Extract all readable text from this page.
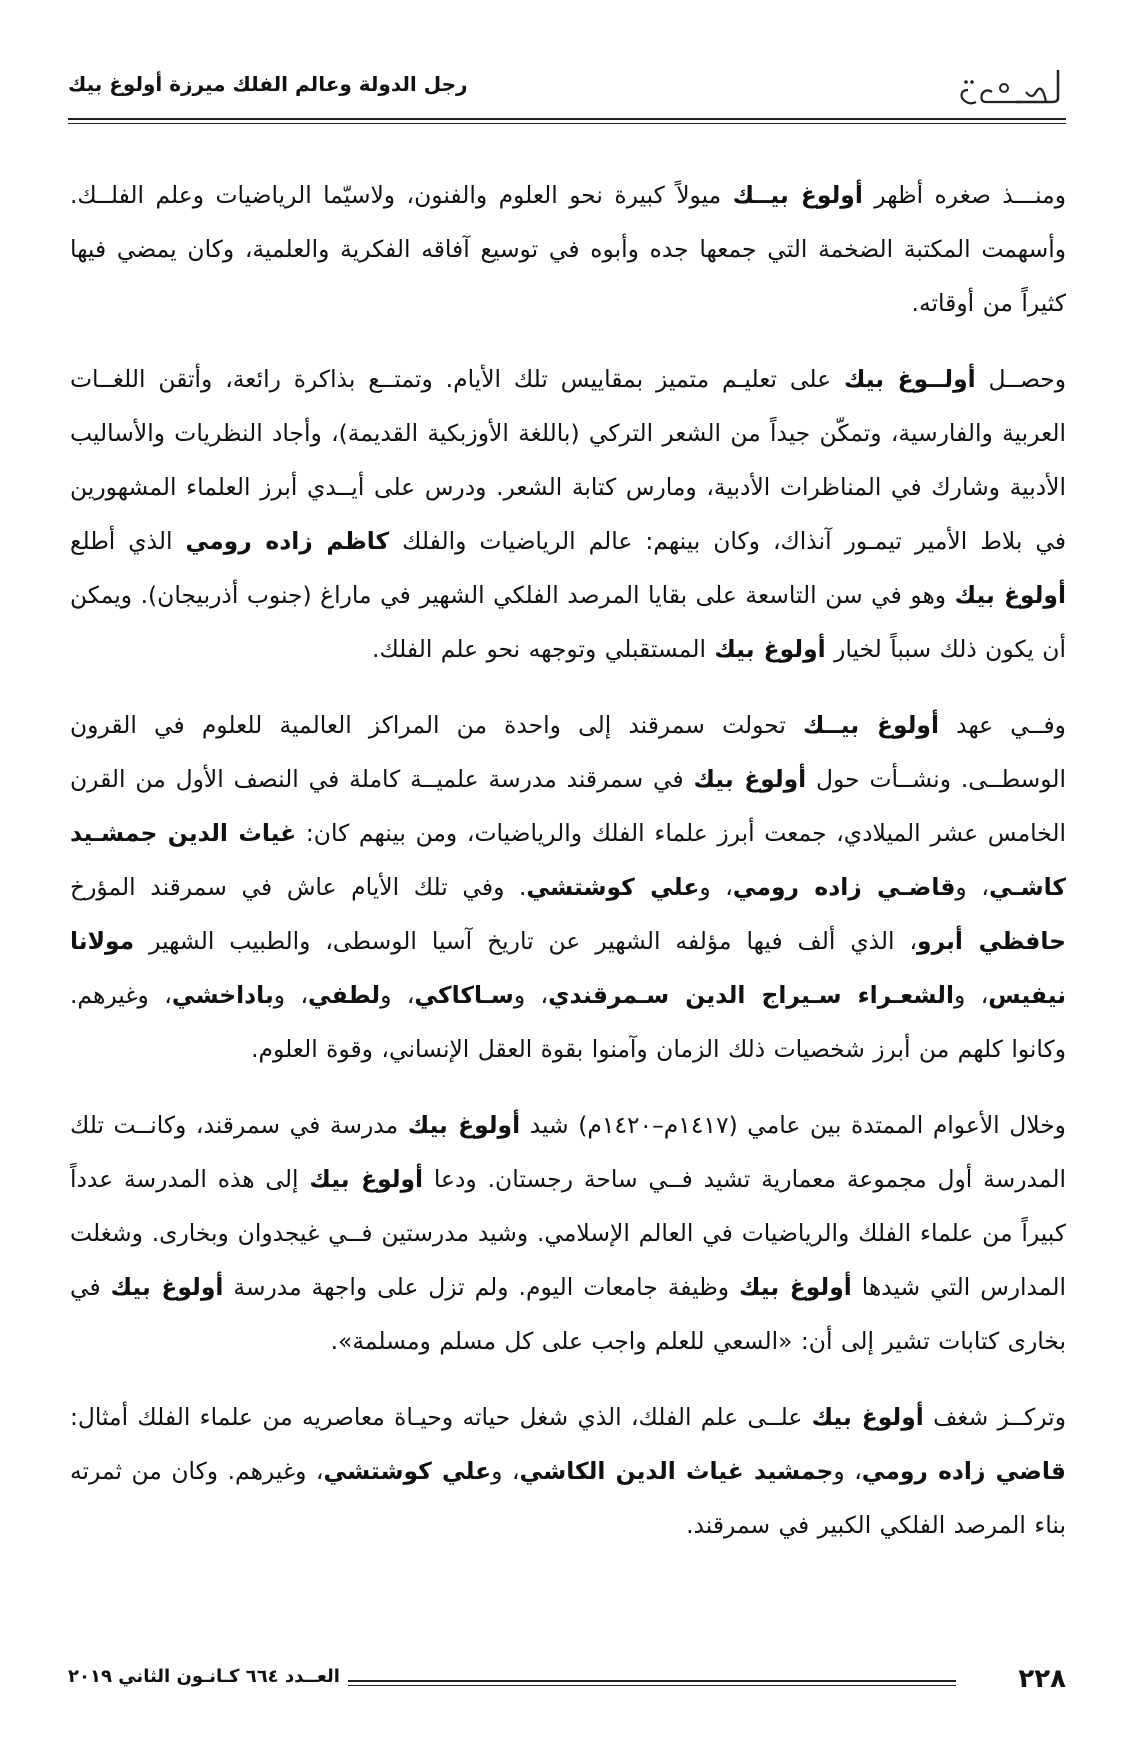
رجل الدولة وعالم الفلك ميرزة أولوغ بيك

ومنـــذ صغره أظهر أولوغ بيــك ميولاً كبيرة نحو العلوم والفنون، ولاسيّما الرياضيات وعلم الفلــك. وأسهمت المكتبة الضخمة التي جمعها جده وأبوه في توسيع آفاقه الفكرية والعلمية، وكان يمضي فيها كثيراً من أوقاته.

وحصــل أولــوغ بيك على تعليـم متميز بمقاييس تلك الأيام. وتمتــع بذاكرة رائعة، وأتقن اللغــات العربية والفارسية، وتمكّن جيداً من الشعر التركي (باللغة الأوزبكية القديمة)، وأجاد النظريات والأساليب الأدبية وشارك في المناظرات الأدبية، ومارس كتابة الشعر. ودرس على أيــدي أبرز العلماء المشهورين في بلاط الأمير تيمـور آنذاك، وكان بينهم: عالم الرياضيات والفلك كاظم زاده رومي الذي أطلع أولوغ بيك وهو في سن التاسعة على بقايا المرصد الفلكي الشهير في ماراغ (جنوب أذربيجان). ويمكن أن يكون ذلك سبباً لخيار أولوغ بيك المستقبلي وتوجهه نحو علم الفلك.

وفــي عهد أولوغ بيــك تحولت سمرقند إلى واحدة من المراكز العالمية للعلوم في القرون الوسطــى. ونشــأت حول أولوغ بيك في سمرقند مدرسة علميــة كاملة في النصف الأول من القرن الخامس عشر الميلادي، جمعت أبرز علماء الفلك والرياضيات، ومن بينهم كان: غياث الدين جمشـيد كاشـي، وقاضـي زاده رومي، وعلي كوشتشي. وفي تلك الأيام عاش في سمرقند المؤرخ حافظي أبرو، الذي ألف فيها مؤلفه الشهير عن تاريخ آسيا الوسطى، والطبيب الشهير مولانا نيفيس، والشعـراء سـيراج الدين سـمرقندي، وسـاكاكي، ولطفي، وباداخشي، وغيرهم. وكانوا كلهم من أبرز شخصيات ذلك الزمان وآمنوا بقوة العقل الإنساني، وقوة العلوم.

وخلال الأعوام الممتدة بين عامي (١٤١٧م–١٤٢٠م) شيد أولوغ بيك مدرسة في سمرقند، وكانــت تلك المدرسة أول مجموعة معمارية تشيد فــي ساحة رجستان. ودعا أولوغ بيك إلى هذه المدرسة عدداً كبيراً من علماء الفلك والرياضيات في العالم الإسلامي. وشيد مدرستين فــي غيجدوان وبخارى. وشغلت المدارس التي شيدها أولوغ بيك وظيفة جامعات اليوم. ولم تزل على واجهة مدرسة أولوغ بيك في بخارى كتابات تشير إلى أن: «السعي للعلم واجب على كل مسلم ومسلمة».

وتركــز شغف أولوغ بيك علــى علم الفلك، الذي شغل حياته وحيـاة معاصريه من علماء الفلك أمثال: قاضي زاده رومي، وجمشيد غياث الدين الكاشي، وعلي كوشتشي، وغيرهم. وكان من ثمرته بناء المرصد الفلكي الكبير في سمرقند.

٢٢٨
العــدد ٦٦٤ كـانـون الثاني ٢٠١٩
